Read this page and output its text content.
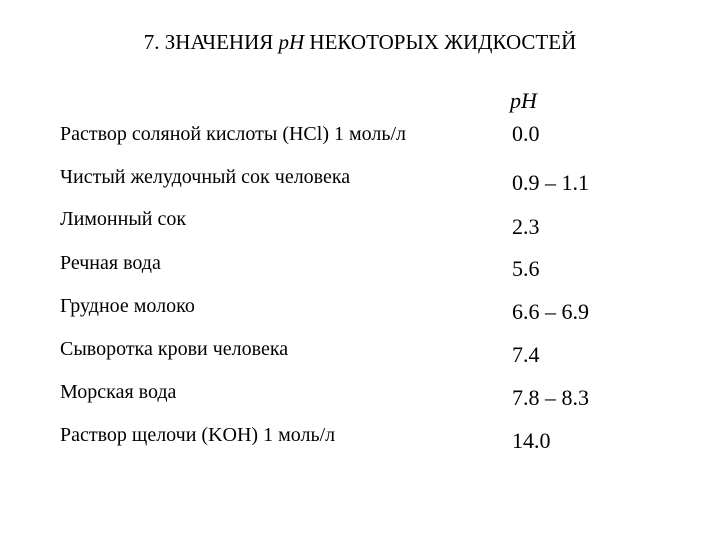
7. ЗНАЧЕНИЯ pH НЕКОТОРЫХ ЖИДКОСТЕЙ
pH
Раствор соляной кислоты (HCl) 1 моль/л	0.0
Чистый желудочный сок человека	0.9 – 1.1
Лимонный сок	2.3
Речная вода	5.6
Грудное молоко	6.6 – 6.9
Сыворотка крови человека	7.4
Морская вода	7.8 – 8.3
Раствор щелочи (KOH) 1 моль/л	14.0
